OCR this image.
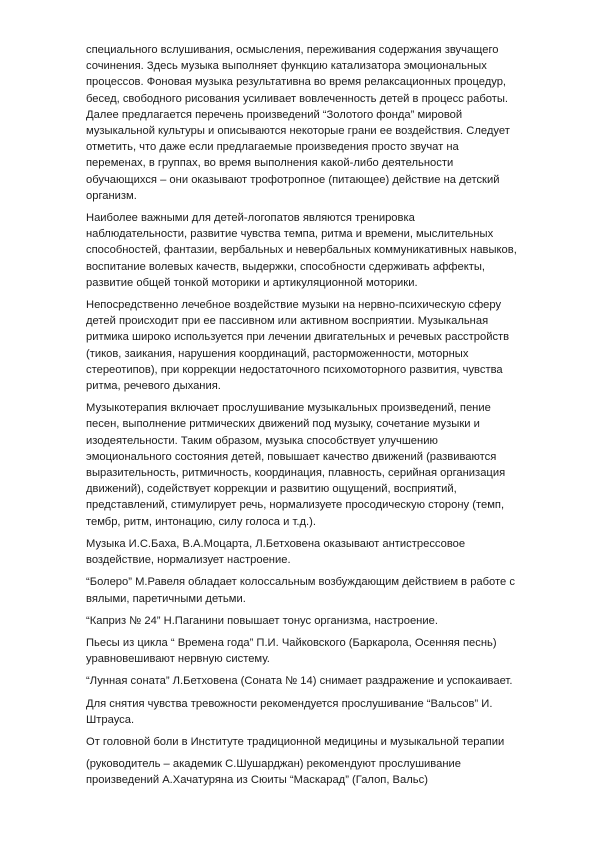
специального вслушивания, осмысления, переживания содержания звучащего
сочинения. Здесь музыка выполняет функцию катализатора эмоциональных
процессов. Фоновая музыка результативна во время релаксационных процедур,
бесед, свободного рисования усиливает вовлеченность детей в процесс работы.
Далее предлагается перечень произведений “Золотого фонда” мировой
музыкальной культуры и описываются некоторые грани ее воздействия. Следует
отметить, что даже если предлагаемые произведения просто звучат на
переменах, в группах, во время выполнения какой-либо деятельности
обучающихся – они оказывают трофотропное (питающее) действие на детский
организм.

Наиболее важными для детей-логопатов являются тренировка
наблюдательности, развитие чувства темпа, ритма и времени, мыслительных
способностей, фантазии, вербальных и невербальных коммуникативных навыков,
воспитание волевых качеств, выдержки, способности сдерживать аффекты,
развитие общей тонкой моторики и артикуляционной моторики.

Непосредственно лечебное воздействие музыки на нервно-психическую сферу
детей происходит при ее пассивном или активном восприятии. Музыкальная
ритмика широко используется при лечении двигательных и речевых расстройств
(тиков, заикания, нарушения координаций, расторможенности, моторных
стереотипов), при коррекции недостаточного психомоторного развития, чувства
ритма, речевого дыхания.

Музыкотерапия включает прослушивание музыкальных произведений, пение
песен, выполнение ритмических движений под музыку, сочетание музыки и
изодеятельности. Таким образом, музыка способствует улучшению
эмоционального состояния детей, повышает качество движений (развиваются
выразительность, ритмичность, координация, плавность, серийная организация
движений), содействует коррекции и развитию ощущений, восприятий,
представлений, стимулирует речь, нормализуете просодическую сторону (темп,
тембр, ритм, интонацию, силу голоса и т.д.).

Музыка И.С.Баха, В.А.Моцарта, Л.Бетховена оказывают антистрессовое
воздействие, нормализует настроение.

“Болеро” М.Равеля обладает колоссальным возбуждающим действием в работе с
вялыми, паретичными детьми.

“Каприз № 24” Н.Паганини повышает тонус организма, настроение.

Пьесы из цикла “ Времена года” П.И. Чайковского (Баркарола, Осенняя песнь)
уравновешивают нервную систему.

“Лунная соната” Л.Бетховена (Соната № 14) снимает раздражение и успокаивает.

Для снятия чувства тревожности рекомендуется прослушивание “Вальсов” И.
Штрауса.

От головной боли в Институте традиционной медицины и музыкальной терапии

(руководитель – академик С.Шушарджан) рекомендуют прослушивание
произведений А.Хачатуряна из Сюиты “Маскарад” (Галоп, Вальс)
